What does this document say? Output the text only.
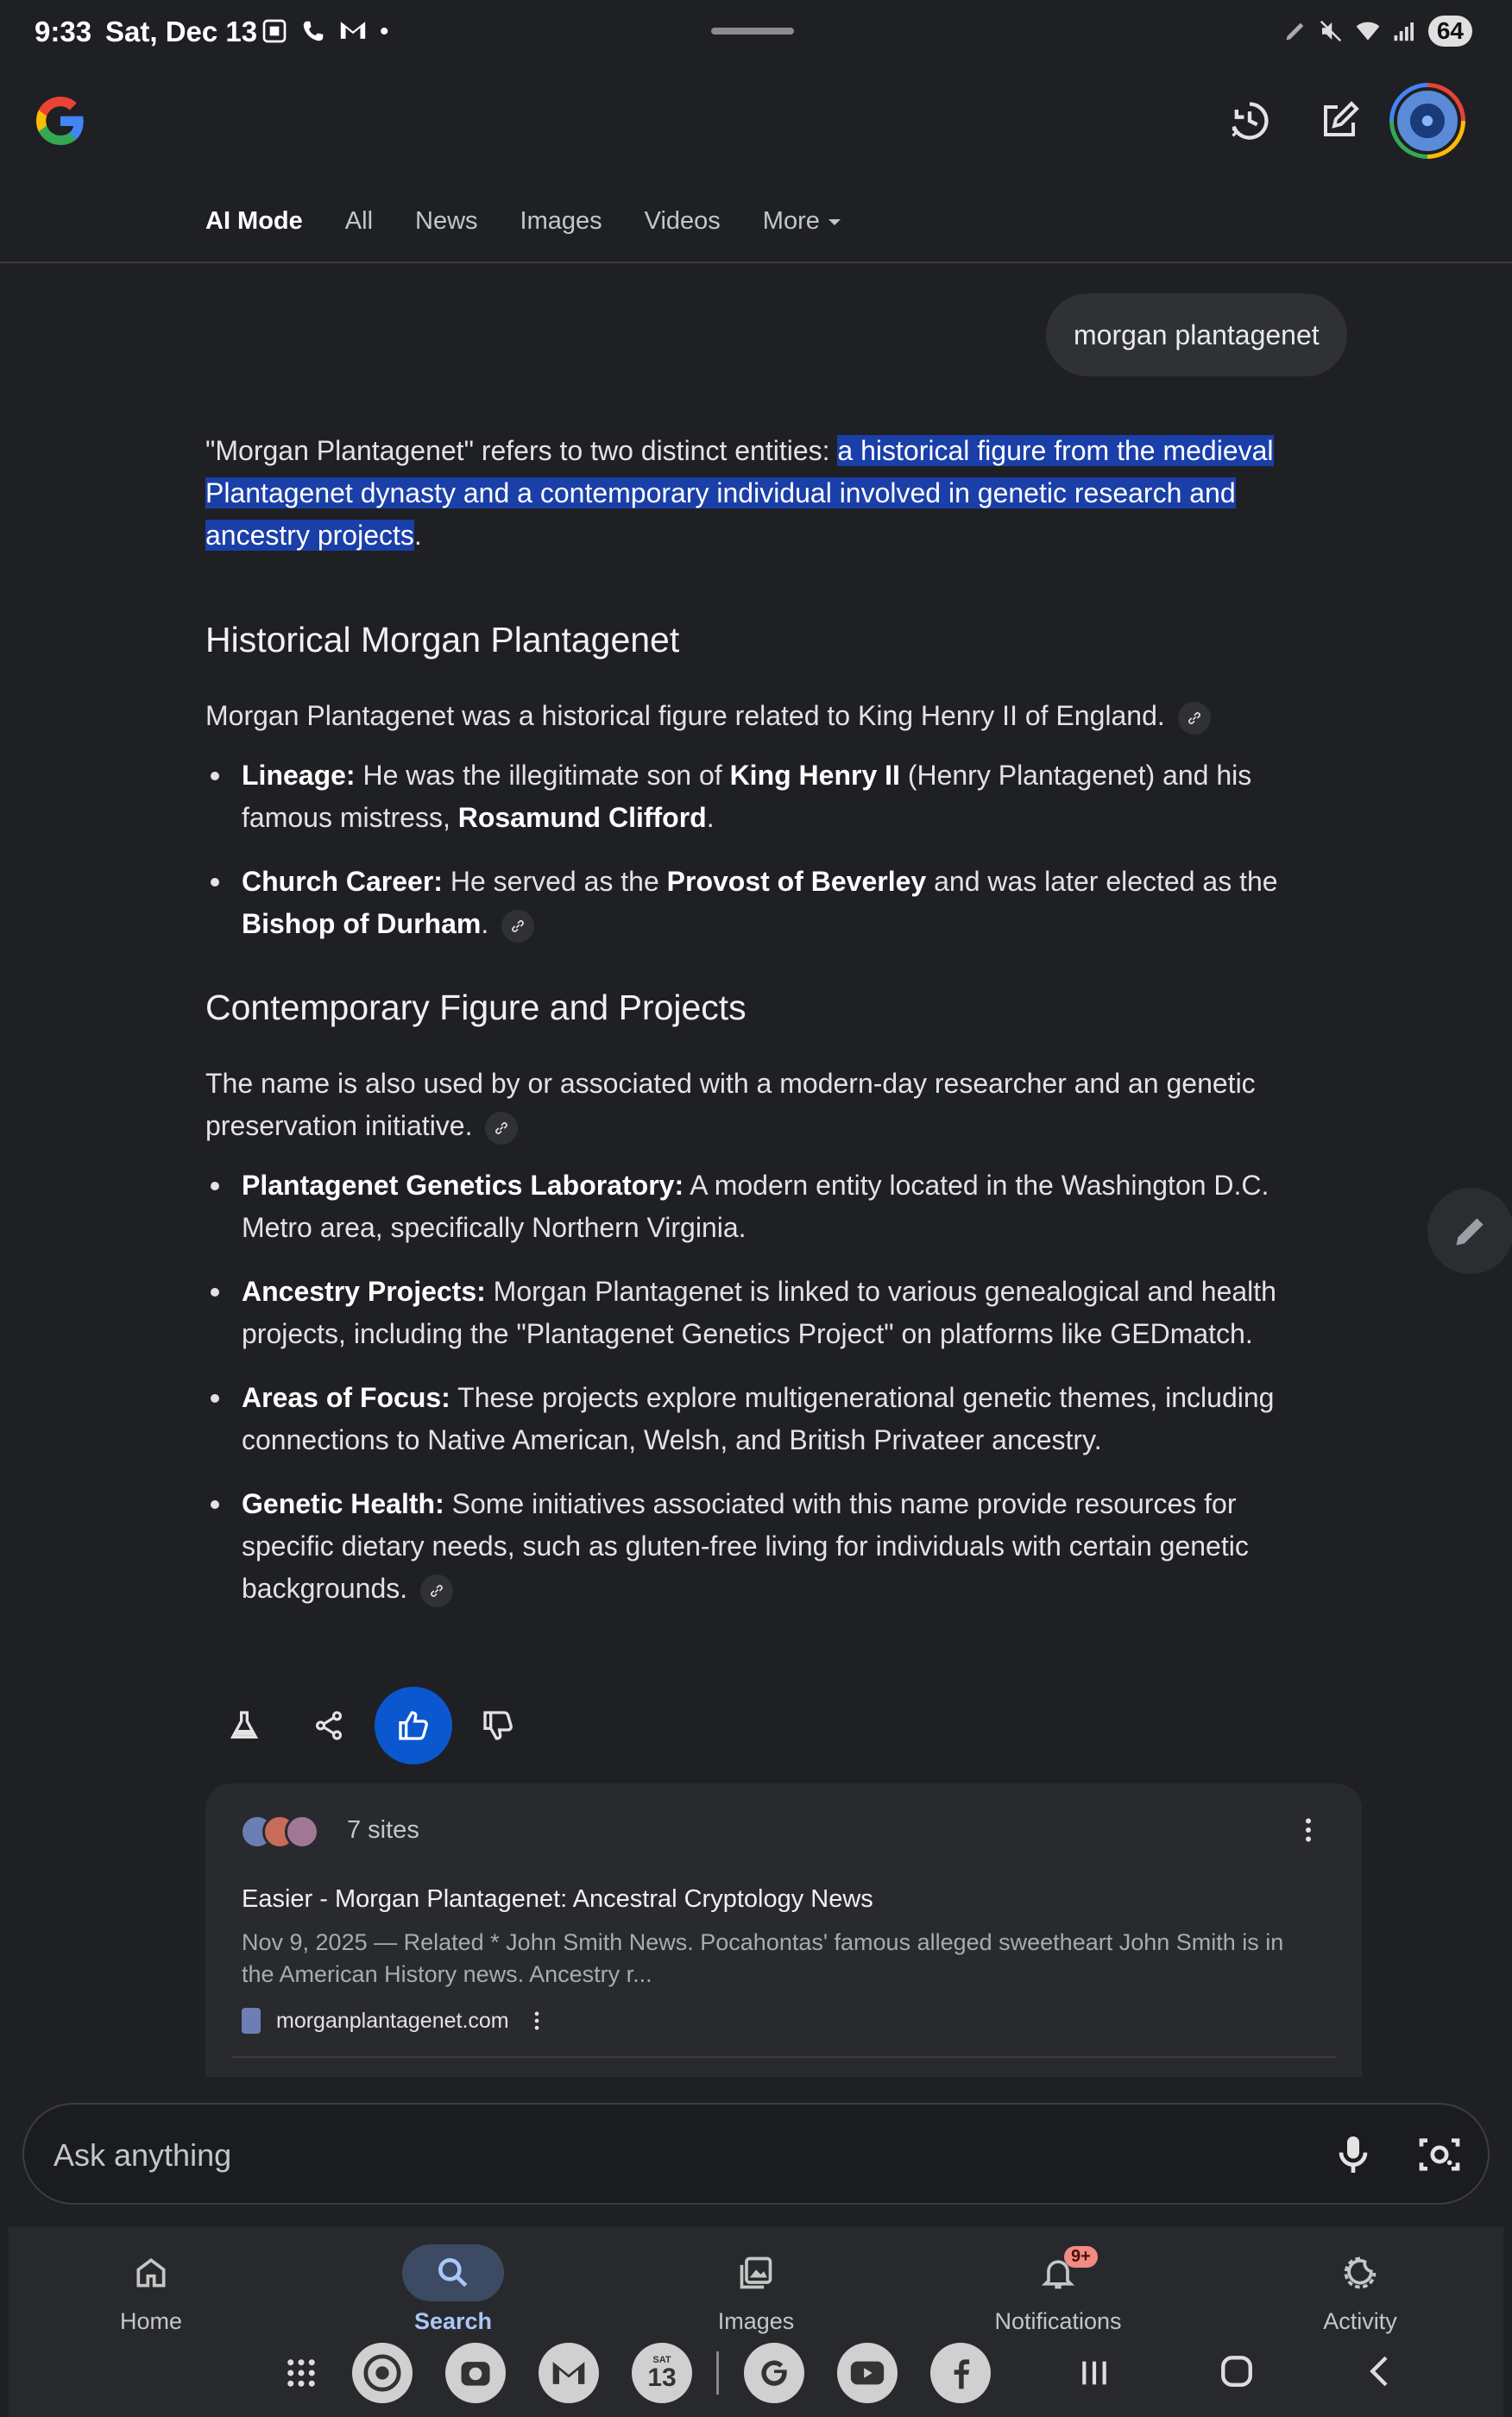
9:33 Sat, Dec 13	•	64
AI Mode All News Images Videos More
morgan plantagenet
"Morgan Plantagenet" refers to two distinct entities: a historical figure from the medieval Plantagenet dynasty and a contemporary individual involved in genetic research and ancestry projects.
Historical Morgan Plantagenet
Morgan Plantagenet was a historical figure related to King Henry II of England.
Lineage: He was the illegitimate son of King Henry II (Henry Plantagenet) and his famous mistress, Rosamund Clifford.
Church Career: He served as the Provost of Beverley and was later elected as the Bishop of Durham.
Contemporary Figure and Projects
The name is also used by or associated with a modern-day researcher and an genetic preservation initiative.
Plantagenet Genetics Laboratory: A modern entity located in the Washington D.C. Metro area, specifically Northern Virginia.
Ancestry Projects: Morgan Plantagenet is linked to various genealogical and health projects, including the "Plantagenet Genetics Project" on platforms like GEDmatch.
Areas of Focus: These projects explore multigenerational genetic themes, including connections to Native American, Welsh, and British Privateer ancestry.
Genetic Health: Some initiatives associated with this name provide resources for specific dietary needs, such as gluten-free living for individuals with certain genetic backgrounds.
7 sites
Easier - Morgan Plantagenet: Ancestral Cryptology News
Nov 9, 2025 — Related * John Smith News. Pocahontas' famous alleged sweetheart John Smith is in the American History news. Ancestry r...
morganplantagenet.com
Ask anything
Home	Search	Images
9+
Notifications	Activity
SAT
13
